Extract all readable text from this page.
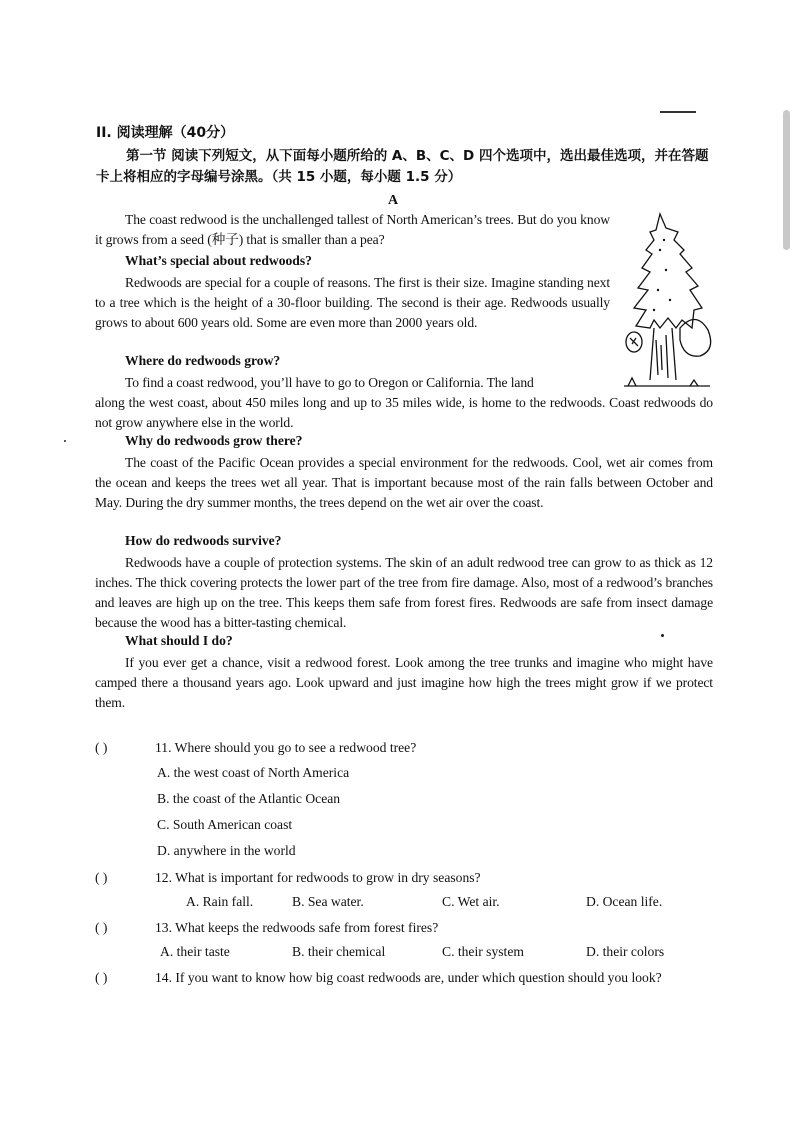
II. 阅读理解（40分）
第一节 阅读下列短文，从下面每小题所给的 A、B、C、D 四个选项中，选出最佳选项，并在答题卡上将相应的字母编号涂黑。（共 15 小题，每小题 1.5 分）
A

The coast redwood is the unchallenged tallest of North American’s trees. But do you know it grows from a seed (种子) that is smaller than a pea?

What’s special about redwoods?

Redwoods are special for a couple of reasons. The first is their size. Imagine standing next to a tree which is the height of a 30-floor building. The second is their age. Redwoods usually grows to about 600 years old. Some are even more than 2000 years old.

Where do redwoods grow?

To find a coast redwood, you’ll have to go to Oregon or California. The land

along the west coast, about 450 miles long and up to 35 miles wide, is home to the redwoods. Coast redwoods do not grow anywhere else in the world.

Why do redwoods grow there?

The coast of the Pacific Ocean provides a special environment for the redwoods. Cool, wet air comes from the ocean and keeps the trees wet all year. That is important because most of the rain falls between October and May. During the dry summer months, the trees depend on the wet air over the coast.

How do redwoods survive?

Redwoods have a couple of protection systems. The skin of an adult redwood tree can grow to as thick as 12 inches. The thick covering protects the lower part of the tree from fire damage. Also, most of a redwood’s branches and leaves are high up on the tree. This keeps them safe from forest fires. Redwoods are safe from insect damage because the wood has a bitter-tasting chemical.

What should I do?

If you ever get a chance, visit a redwood forest. Look among the tree trunks and imagine who might have camped there a thousand years ago. Look upward and just imagine how high the trees might grow if we protect them.

( )	11. Where should you go to see a redwood tree?
A. the west coast of North America
B. the coast of the Atlantic Ocean
C. South American coast
D. anywhere in the world
( )	12. What is important for redwoods to grow in dry seasons?
A. Rain fall.	B. Sea water.	C. Wet air.	D. Ocean life.
( )	13. What keeps the redwoods safe from forest fires?
A. their taste	B. their chemical	C. their system	D. their colors
( )	14. If you want to know how big coast redwoods are, under which question should you look?
